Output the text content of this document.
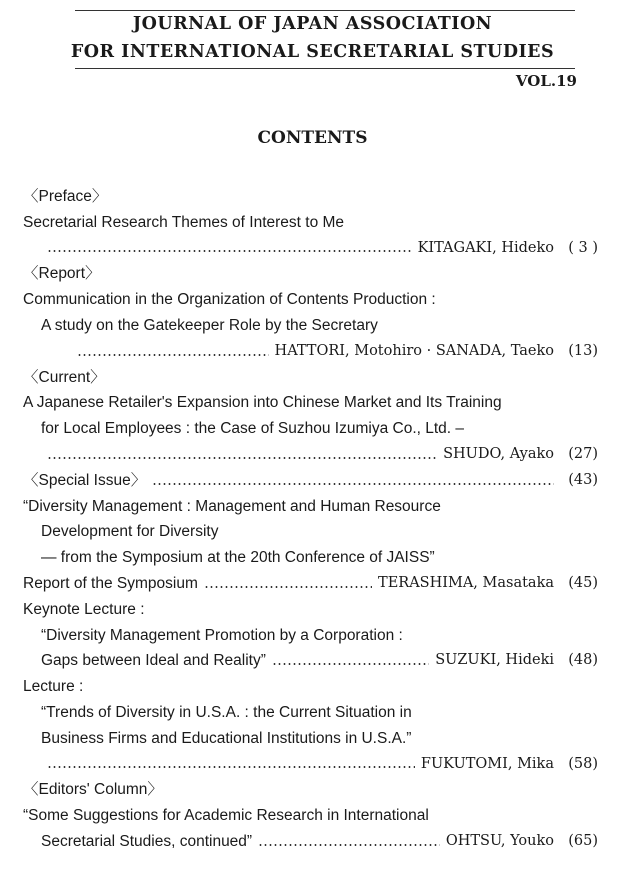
JOURNAL OF JAPAN ASSOCIATION
FOR INTERNATIONAL SECRETARIAL STUDIES
VOL.19
CONTENTS
〈Preface〉
Secretarial Research Themes of Interest to Me
KITAGAKI, Hideko ( 3 )
〈Report〉
Communication in the Organization of Contents Production :
A study on the Gatekeeper Role by the Secretary
HATTORI, Motohiro · SANADA, Taeko (13)
〈Current〉
A Japanese Retailer's Expansion into Chinese Market and Its Training
for Local Employees : the Case of Suzhou Izumiya Co., Ltd. –
SHUDO, Ayako (27)
〈Special Issue〉	(43)
“Diversity Management : Management and Human Resource
Development for Diversity
— from the Symposium at the 20th Conference of JAISS”
Report of the Symposium	TERASHIMA, Masataka (45)
Keynote Lecture :
“Diversity Management Promotion by a Corporation :
Gaps between Ideal and Reality”	SUZUKI, Hideki (48)
Lecture :
“Trends of Diversity in U.S.A. : the Current Situation in
Business Firms and Educational Institutions in U.S.A.”
FUKUTOMI, Mika (58)
〈Editors' Column〉
“Some Suggestions for Academic Research in International
Secretarial Studies, continued”	OHTSU, Youko (65)
